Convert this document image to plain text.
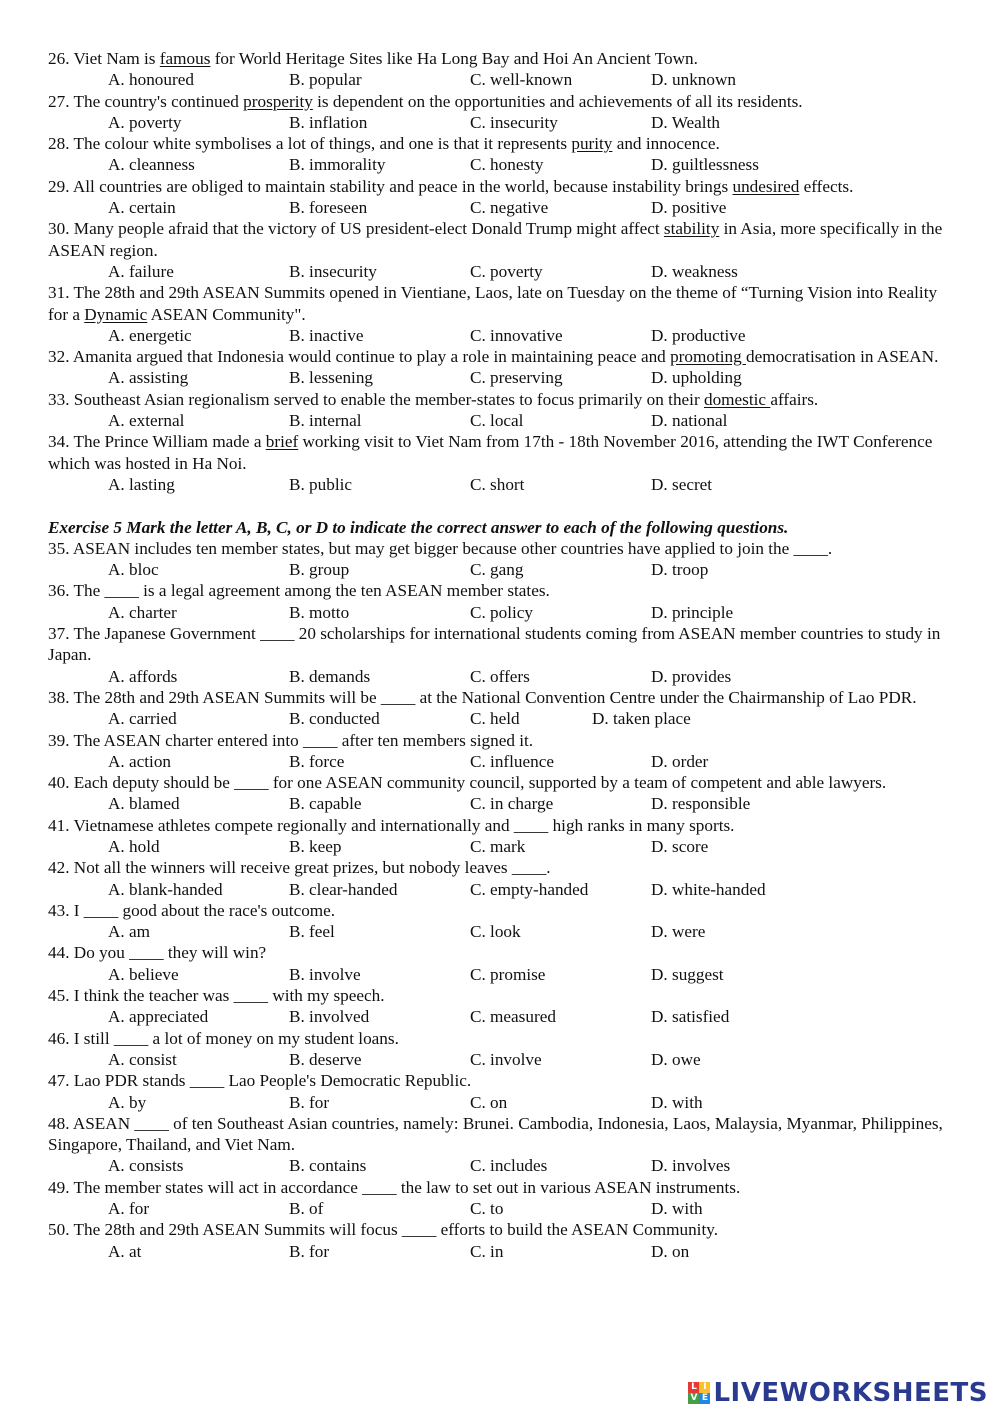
26. Viet Nam is famous for World Heritage Sites like Ha Long Bay and Hoi An Ancient Town.
A. honoured	B. popular	C. well-known	D. unknown
27. The country's continued prosperity is dependent on the opportunities and achievements of all its residents.
A. poverty	B. inflation	C. insecurity	D. Wealth
28. The colour white symbolises a lot of things, and one is that it represents purity and innocence.
A. cleanness	B. immorality	C. honesty	D. guiltlessness
29. All countries are obliged to maintain stability and peace in the world, because instability brings undesired effects.
A. certain	B. foreseen	C. negative	D. positive
30. Many people afraid that the victory of US president-elect Donald Trump might affect stability in Asia, more specifically in the ASEAN region.
A. failure	B. insecurity	C. poverty	D. weakness
31. The 28th and 29th ASEAN Summits opened in Vientiane, Laos, late on Tuesday on the theme of “Turning Vision into Reality for a Dynamic ASEAN Community".
A. energetic	B. inactive	C. innovative	D. productive
32. Amanita argued that Indonesia would continue to play a role in maintaining peace and promoting democratisation in ASEAN.
A. assisting	B. lessening	C. preserving	D. upholding
33. Southeast Asian regionalism served to enable the member-states to focus primarily on their domestic affairs.
A. external	B. internal	C. local	D. national
34. The Prince William made a brief working visit to Viet Nam from 17th - 18th November 2016, attending the IWT Conference which was hosted in Ha Noi.
A. lasting	B. public	C. short	D. secret
Exercise 5 Mark the letter A, B, C, or D to indicate the correct answer to each of the following questions.
35. ASEAN includes ten member states, but may get bigger because other countries have applied to join the ____.
A. bloc	B. group	C. gang	D. troop
36. The ____ is a legal agreement among the ten ASEAN member states.
A. charter	B. motto	C. policy	D. principle
37. The Japanese Government ____ 20 scholarships for international students coming from ASEAN member countries to study in Japan.
A. affords	B. demands	C. offers	D. provides
38. The 28th and 29th ASEAN Summits will be ____ at the National Convention Centre under the Chairmanship of Lao PDR.
A. carried	B. conducted	C. held	D. taken place
39. The ASEAN charter entered into ____ after ten members signed it.
A. action	B. force	C. influence	D. order
40. Each deputy should be ____ for one ASEAN community council, supported by a team of competent and able lawyers.
A. blamed	B. capable	C. in charge	D. responsible
41. Vietnamese athletes compete regionally and internationally and ____ high ranks in many sports.
A. hold	B. keep	C. mark	D. score
42. Not all the winners will receive great prizes, but nobody leaves ____.
A. blank-handed	B. clear-handed	C. empty-handed	D. white-handed
43. I ____ good about the race's outcome.
A. am	B. feel	C. look	D. were
44. Do you ____ they will win?
A. believe	B. involve	C. promise	D. suggest
45. I think the teacher was ____ with my speech.
A. appreciated	B. involved	C. measured	D. satisfied
46. I still ____ a lot of money on my student loans.
A. consist	B. deserve	C. involve	D. owe
47. Lao PDR stands ____ Lao People's Democratic Republic.
A. by	B. for	C. on	D. with
48. ASEAN ____ of ten Southeast Asian countries, namely: Brunei. Cambodia, Indonesia, Laos, Malaysia, Myanmar, Philippines, Singapore, Thailand, and Viet Nam.
A. consists	B. contains	C. includes	D. involves
49. The member states will act in accordance ____ the law to set out in various ASEAN instruments.
A. for	B. of	C. to	D. with
50. The 28th and 29th ASEAN Summits will focus ____ efforts to build the ASEAN Community.
A. at	B. for	C. in	D. on
L I
V E LIVEWORKSHEETS
